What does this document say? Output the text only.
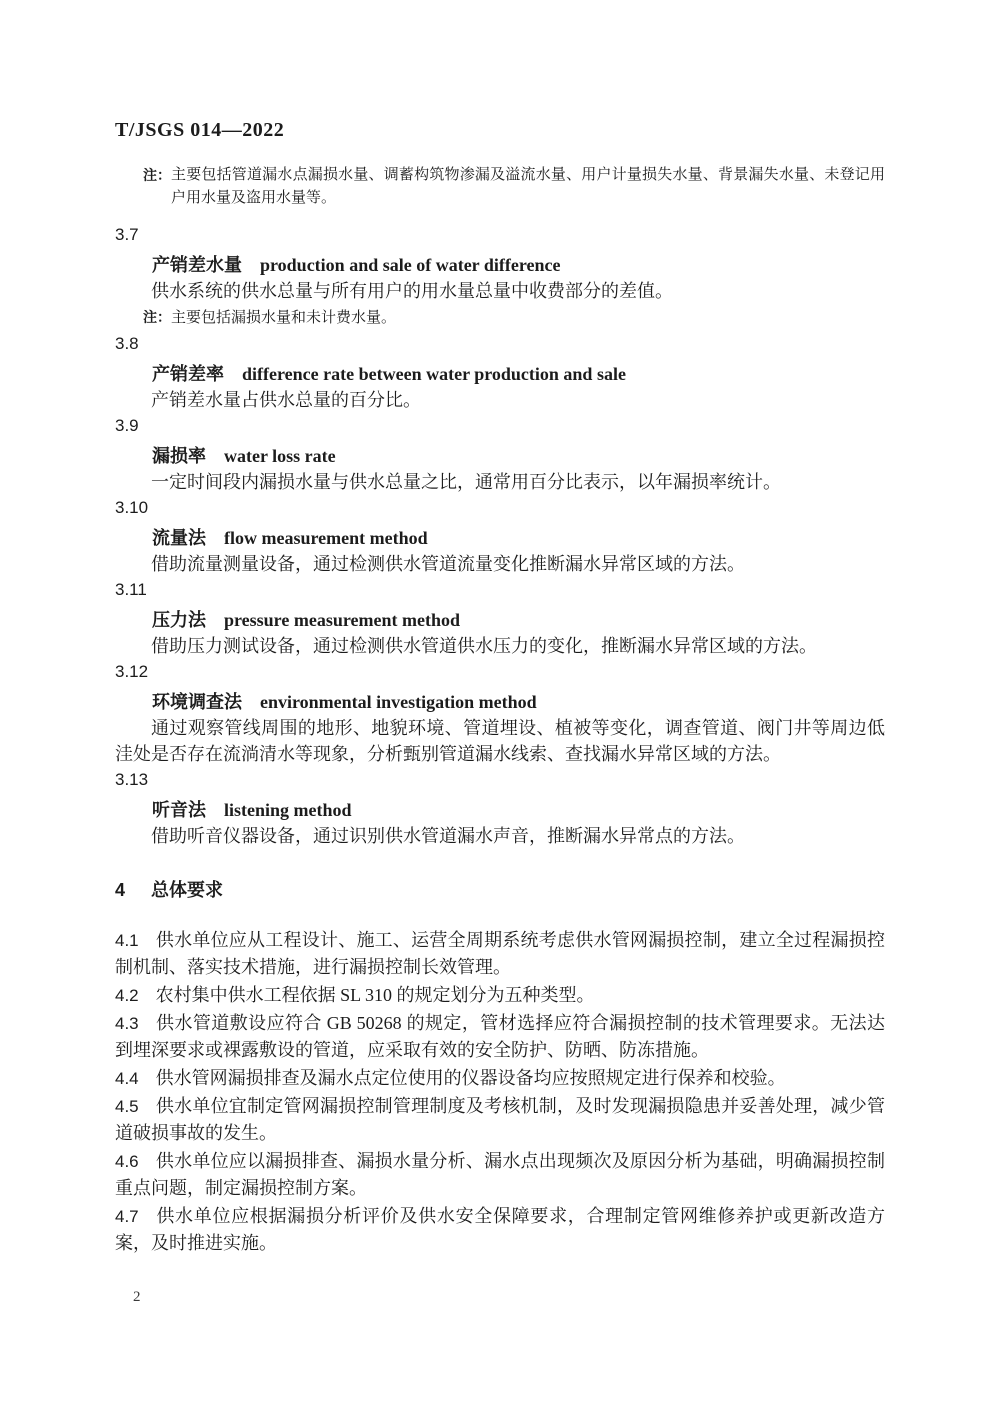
T/JSGS 014—2022
注： 主要包括管道漏水点漏损水量、调蓄构筑物渗漏及溢流水量、用户计量损失水量、背景漏失水量、未登记用户用水量及盗用水量等。

3.7

产销差水量 production and sale of water difference

供水系统的供水总量与所有用户的用水量总量中收费部分的差值。

注：主要包括漏损水量和未计费水量。

3.8

产销差率 difference rate between water production and sale

产销差水量占供水总量的百分比。

3.9

漏损率 water loss rate

一定时间段内漏损水量与供水总量之比，通常用百分比表示，以年漏损率统计。

3.10

流量法 flow measurement method

借助流量测量设备，通过检测供水管道流量变化推断漏水异常区域的方法。

3.11

压力法 pressure measurement method

借助压力测试设备，通过检测供水管道供水压力的变化，推断漏水异常区域的方法。

3.12

环境调查法 environmental investigation method

通过观察管线周围的地形、地貌环境、管道埋设、植被等变化，调查管道、阀门井等周边低洼处是否存在流淌清水等现象，分析甄别管道漏水线索、查找漏水异常区域的方法。

3.13

听音法 listening method

借助听音仪器设备，通过识别供水管道漏水声音，推断漏水异常点的方法。

4 总体要求

4.1 供水单位应从工程设计、施工、运营全周期系统考虑供水管网漏损控制，建立全过程漏损控制机制、落实技术措施，进行漏损控制长效管理。

4.2 农村集中供水工程依据 SL 310 的规定划分为五种类型。

4.3 供水管道敷设应符合 GB 50268 的规定，管材选择应符合漏损控制的技术管理要求。无法达到埋深要求或裸露敷设的管道，应采取有效的安全防护、防晒、防冻措施。

4.4 供水管网漏损排查及漏水点定位使用的仪器设备均应按照规定进行保养和校验。

4.5 供水单位宜制定管网漏损控制管理制度及考核机制，及时发现漏损隐患并妥善处理，减少管道破损事故的发生。

4.6 供水单位应以漏损排查、漏损水量分析、漏水点出现频次及原因分析为基础，明确漏损控制重点问题，制定漏损控制方案。

4.7 供水单位应根据漏损分析评价及供水安全保障要求，合理制定管网维修养护或更新改造方案，及时推进实施。

2
